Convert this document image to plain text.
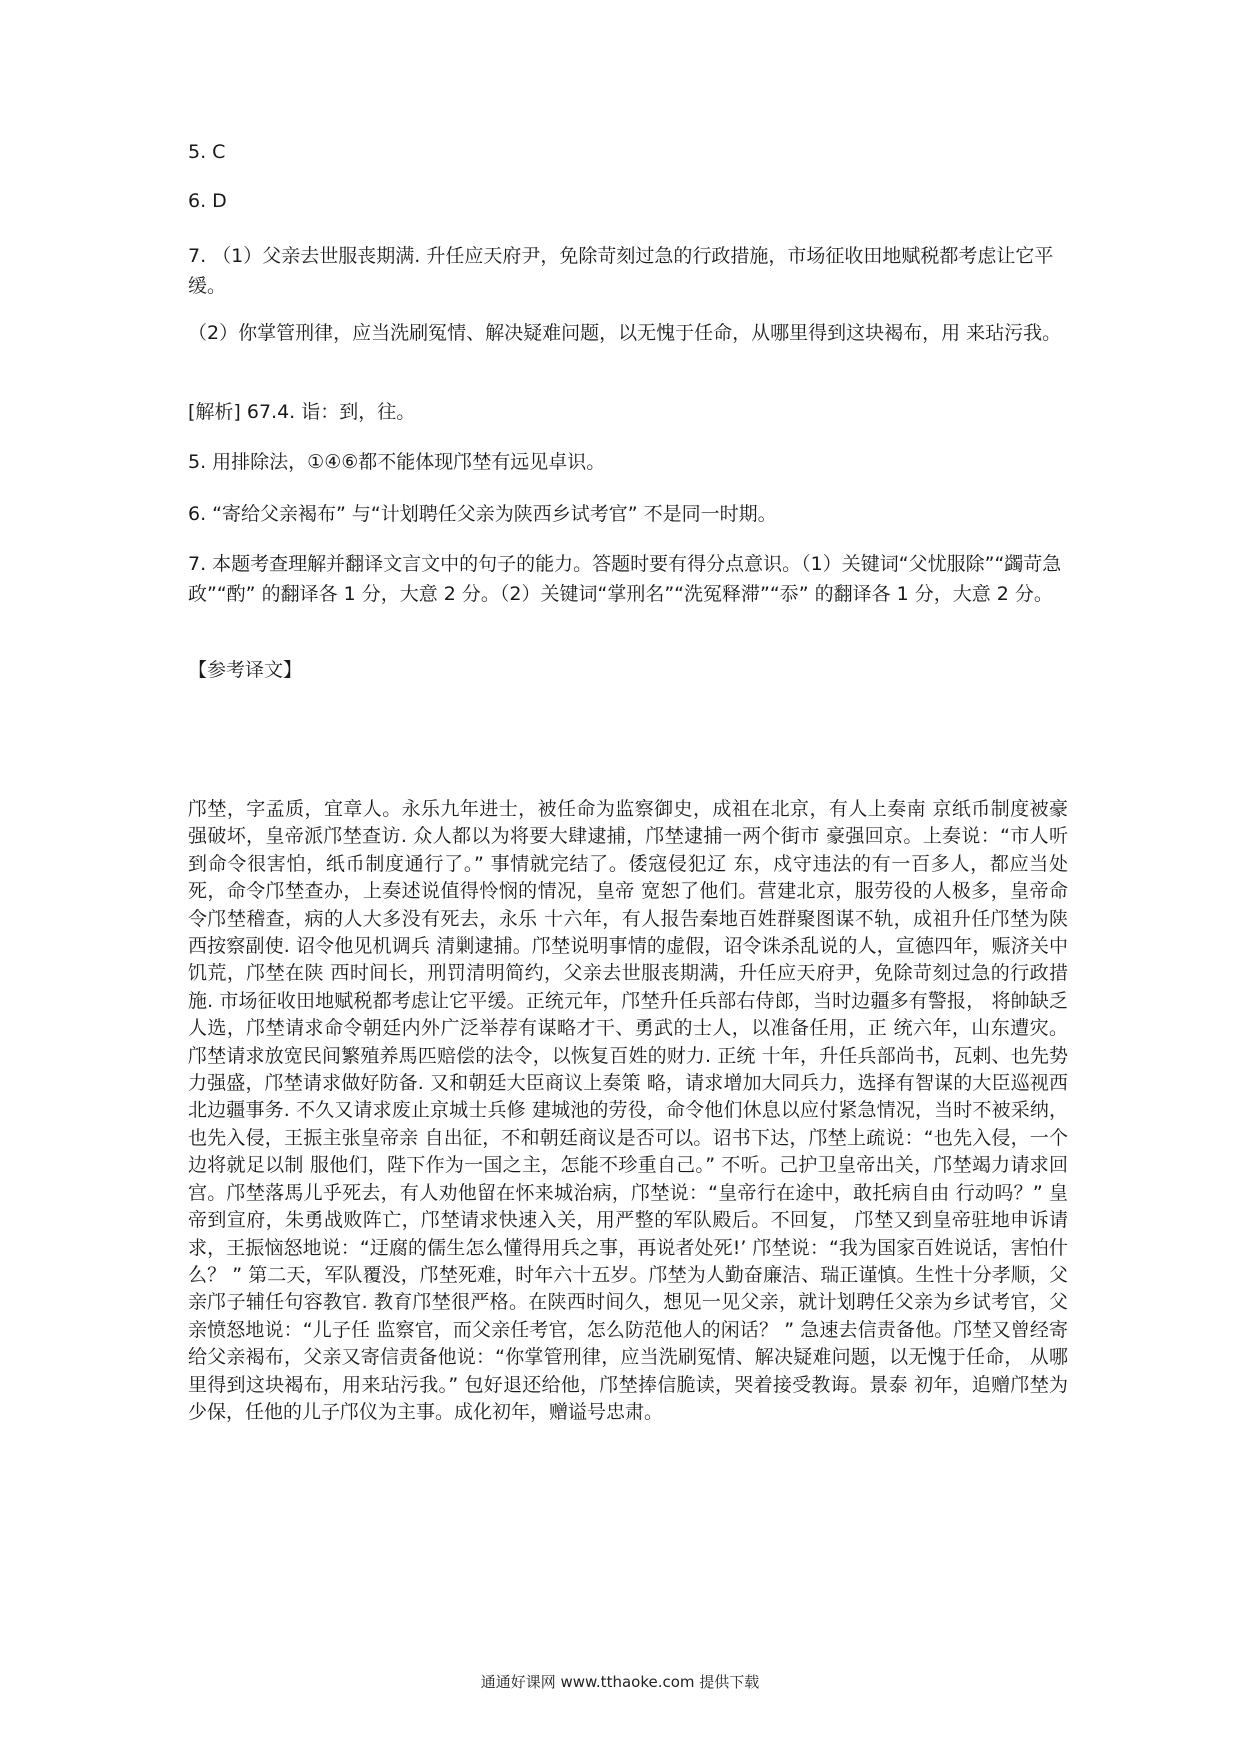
5. C
6. D
7. （1）父亲去世服丧期满. 升任应天府尹，免除苛刻过急的行政措施，市场征收田地赋税都考虑让它平缓。
（2）你掌管刑律，应当洗刷冤情、解决疑难问题，以无愧于任命，从哪里得到这块褐布，用 来玷污我。
[解析] 67.4. 诣：到，往。
5. 用排除法，①④⑥都不能体现邝埜有远见卓识。
6. “寄给父亲褐布” 与“计划聘任父亲为陕西乡试考官” 不是同一时期。
7. 本题考查理解并翻译文言文中的句子的能力。答题时要有得分点意识。（1）关键词“父忧服除”“蠲苛急政”“酌” 的翻译各 1 分，大意 2 分。（2）关键词“掌刑名”“洗冤释滞”“忝” 的翻译各 1 分，大意 2 分。
【参考译文】
邝埜，字孟质，宜章人。永乐九年进士，被任命为监察御史，成祖在北京，有人上奏南 京纸币制度被豪强破坏，皇帝派邝埜查访. 众人都以为将要大肆逮捕，邝埜逮捕一两个街市 豪强回京。上奏说：“市人听到命令很害怕，纸币制度通行了。” 事情就完结了。倭寇侵犯辽 东，戍守违法的有一百多人，都应当处死，命令邝埜查办，上奏述说值得怜悯的情况，皇帝 宽恕了他们。营建北京，服劳役的人极多，皇帝命令邝埜稽查，病的人大多没有死去，永乐 十六年，有人报告秦地百姓群聚图谋不轨，成祖升任邝埜为陕西按察副使. 诏令他见机调兵 清剿逮捕。邝埜说明事情的虚假，诏令诛杀乱说的人，宣德四年，赈济关中饥荒，邝埜在陕 西时间长，刑罚清明简约，父亲去世服丧期满，升任应天府尹，免除苛刻过急的行政措施. 市场征收田地赋税都考虑让它平缓。正统元年，邝埜升任兵部右侍郎，当时边疆多有警报， 将帥缺乏人选，邝埜请求命令朝廷内外广泛举荐有谋略才干、勇武的士人，以准备任用，正 统六年，山东遭灾。邝埜请求放宽民间繁殖养馬匹赔偿的法令，以恢复百姓的财力. 正统 十年，升任兵部尚书，瓦剌、也先势力强盛，邝埜请求做好防备. 又和朝廷大臣商议上奏策 略，请求增加大同兵力，选择有智谋的大臣巡视西北边疆事务. 不久又请求废止京城士兵修 建城池的劳役，命令他们休息以应付紧急情况，当时不被采纳，也先入侵，王振主张皇帝亲 自出征，不和朝廷商议是否可以。诏书下达，邝埜上疏说：“也先入侵，一个边将就足以制 服他们，陛下作为一国之主，怎能不珍重自己。” 不听。己护卫皇帝出关，邝埜竭力请求回 宫。邝埜落馬儿乎死去，有人劝他留在怀来城治病，邝埜说：“皇帝行在途中，敢托病自由 行动吗？” 皇帝到宣府，朱勇战败阵亡，邝埜请求快速入关，用严整的军队殿后。不回复， 邝埜又到皇帝驻地申诉请求，王振恼怒地说：“迂腐的儒生怎么懂得用兵之事，再说者处死!’ 邝埜说：“我为国家百姓说话，害怕什么？ ” 第二天，军队覆没，邝埜死难，时年六十五岁。邝埜为人勤奋廉洁、瑞正谨慎。生性十分孝顺，父亲邝子辅任句容教官. 教育邝埜很严格。在陕西时间久，想见一见父亲，就计划聘任父亲为乡试考官，父亲愤怒地说：“儿子任 监察官，而父亲任考官，怎么防范他人的闲话？ ” 急速去信责备他。邝埜又曾经寄给父亲褐布，父亲又寄信责备他说：“你掌管刑律，应当洗刷冤情、解决疑难问题，以无愧于任命， 从哪里得到这块褐布，用来玷污我。” 包好退还给他，邝埜捧信脆读，哭着接受教诲。景泰 初年，追赠邝埜为少保，任他的儿子邝仪为主事。成化初年，赠谥号忠肃。
通通好课网 www.tthaoke.com 提供下载
